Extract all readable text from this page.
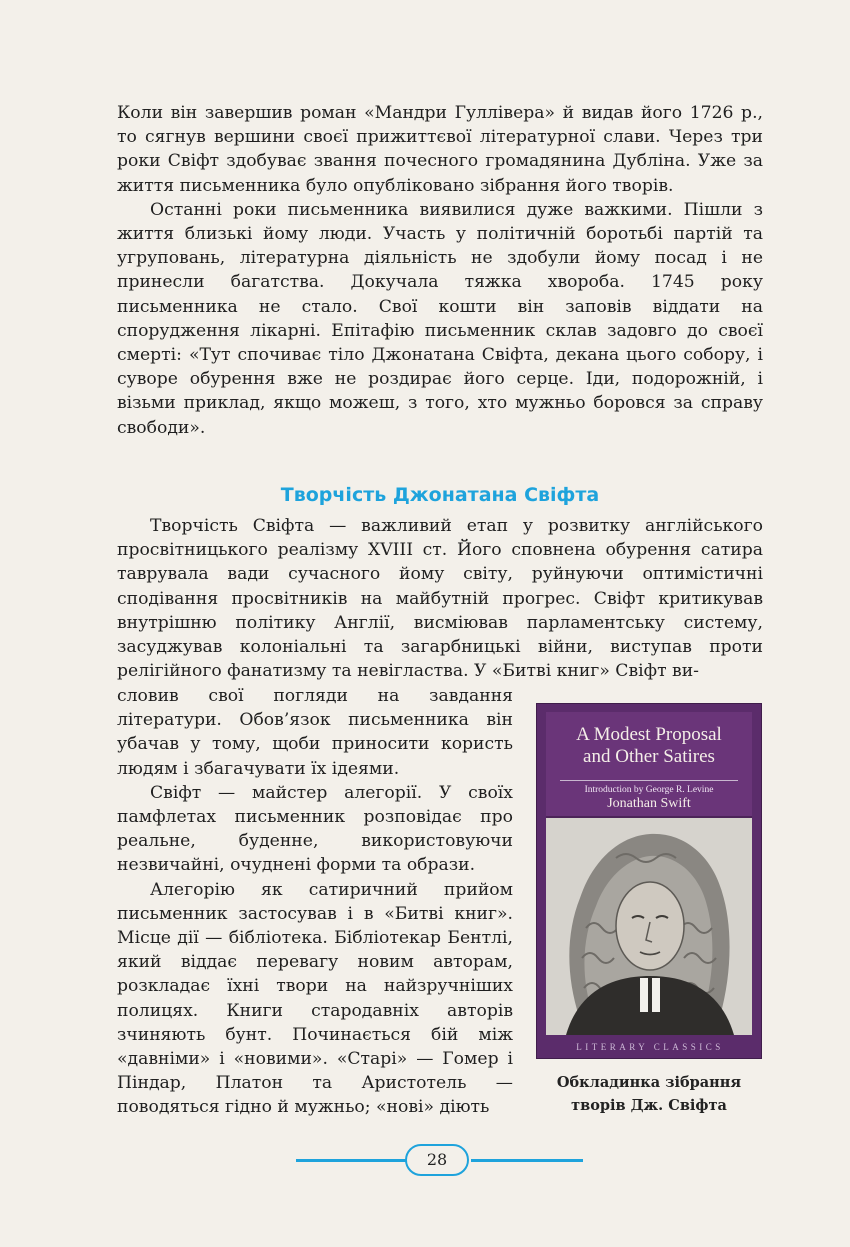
Коли він завершив роман «Мандри Гуллівера» й видав його 1726 р., то сягнув вершини своєї прижиттєвої літературної слави. Через три роки Свіфт здобуває звання почесного громадянина Дубліна. Уже за життя письменника було опубліковано зібрання його творів.

Останні роки письменника виявилися дуже важкими. Пішли з життя близькі йому люди. Участь у політичній боротьбі партій та угруповань, літературна діяльність не здобули йому посад і не принесли багатства. Докучала тяжка хвороба. 1745 року письменника не стало. Свої кошти він заповів віддати на спорудження лікарні. Епітафію письменник склав задовго до своєї смерті: «Тут спочиває тіло Джонатана Свіфта, декана цього собору, і суворе обурення вже не роздирає його серце. Іди, подорожній, і візьми приклад, якщо можеш, з того, хто мужньо боровся за справу свободи».

Творчість Джонатана Свіфта

Творчість Свіфта — важливий етап у розвитку англійського просвітницького реалізму XVIII ст. Його сповнена обурення сатира таврувала вади сучасного йому світу, руйнуючи оптимістичні сподівання просвітників на майбутній прогрес. Свіфт критикував внутрішню політику Англії, висміював парламентську систему, засуджував колоніальні та загарбницькі війни, виступав проти релігійного фанатизму та невігластва. У «Битві книг» Свіфт ви-

словив свої погляди на завдання літератури. Обов’язок письменника він убачав у тому, щоби приносити користь людям і збагачувати їх ідеями.

Свіфт — майстер алегорії. У своїх памфлетах письменник розповідає про реальне, буденне, використовуючи незвичайні, очуднені форми та образи.

Алегорію як сатиричний прийом письменник застосував і в «Битві книг». Місце дії — бібліотека. Бібліотекар Бентлі, який віддає перевагу новим авторам, розкладає їхні твори на найзручніших полицях. Книги стародавніх авторів зчиняють бунт. Починається бій між «давніми» і «новими». «Старі» — Гомер і Піндар, Платон та Аристотель — поводяться гідно й мужньо; «нові» діють

A Modest Proposal
and Other Satires
Introduction by George R. Levine
Jonathan Swift
LITERARY CLASSICS
Обкладинка зібрання
творів Дж. Свіфта
28
